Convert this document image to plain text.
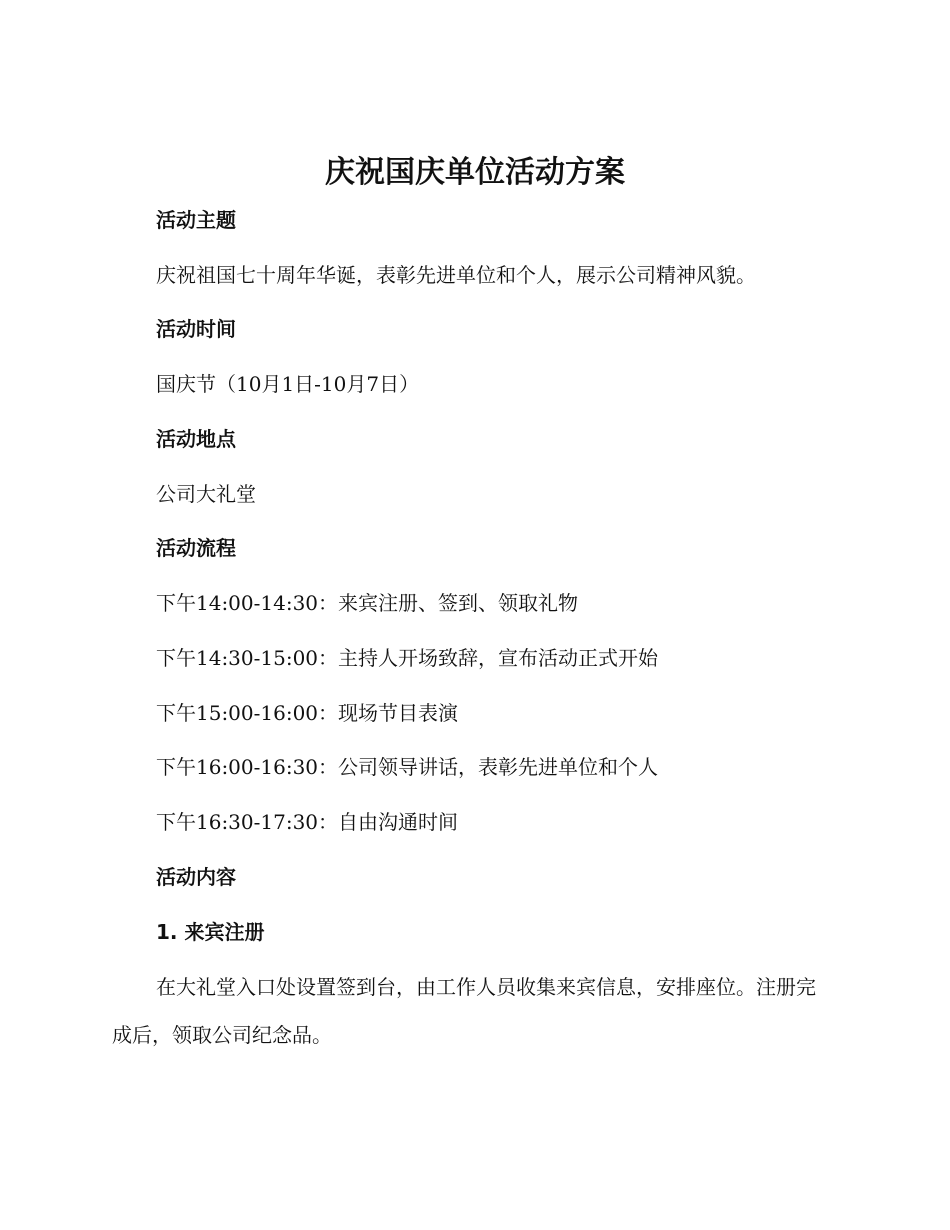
庆祝国庆单位活动方案
活动主题

庆祝祖国七十周年华诞，表彰先进单位和个人，展示公司精神风貌。

活动时间

国庆节（10月1日-10月7日）

活动地点

公司大礼堂

活动流程

下午14:00-14:30：来宾注册、签到、领取礼物

下午14:30-15:00：主持人开场致辞，宣布活动正式开始

下午15:00-16:00：现场节目表演

下午16:00-16:30：公司领导讲话，表彰先进单位和个人

下午16:30-17:30：自由沟通时间

活动内容
1. 来宾注册

在大礼堂入口处设置签到台，由工作人员收集来宾信息，安排座位。注册完成后，领取公司纪念品。
